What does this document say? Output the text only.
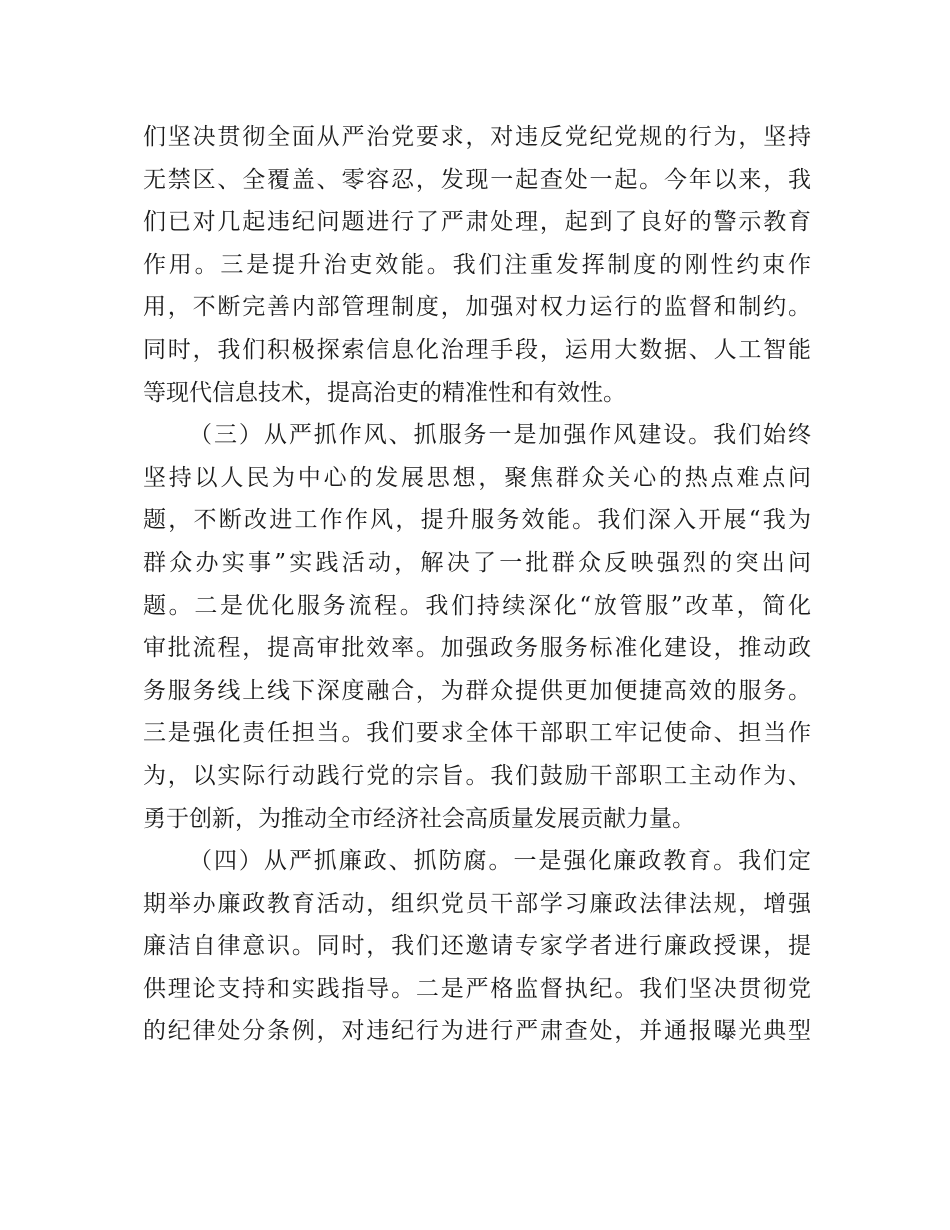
们坚决贯彻全面从严治党要求，对违反党纪党规的行为，坚持
无禁区、全覆盖、零容忍，发现一起查处一起。今年以来，我
们已对几起违纪问题进行了严肃处理，起到了良好的警示教育
作用。三是提升治吏效能。我们注重发挥制度的刚性约束作
用，不断完善内部管理制度，加强对权力运行的监督和制约。
同时，我们积极探索信息化治理手段，运用大数据、人工智能
等现代信息技术，提高治吏的精准性和有效性。
（三）从严抓作风、抓服务一是加强作风建设。我们始终
坚持以人民为中心的发展思想，聚焦群众关心的热点难点问
题，不断改进工作作风，提升服务效能。我们深入开展“我为
群众办实事”实践活动，解决了一批群众反映强烈的突出问
题。二是优化服务流程。我们持续深化“放管服”改革，简化
审批流程，提高审批效率。加强政务服务标准化建设，推动政
务服务线上线下深度融合，为群众提供更加便捷高效的服务。
三是强化责任担当。我们要求全体干部职工牢记使命、担当作
为，以实际行动践行党的宗旨。我们鼓励干部职工主动作为、
勇于创新，为推动全市经济社会高质量发展贡献力量。
（四）从严抓廉政、抓防腐。一是强化廉政教育。我们定
期举办廉政教育活动，组织党员干部学习廉政法律法规，增强
廉洁自律意识。同时，我们还邀请专家学者进行廉政授课，提
供理论支持和实践指导。二是严格监督执纪。我们坚决贯彻党
的纪律处分条例，对违纪行为进行严肃查处，并通报曝光典型
